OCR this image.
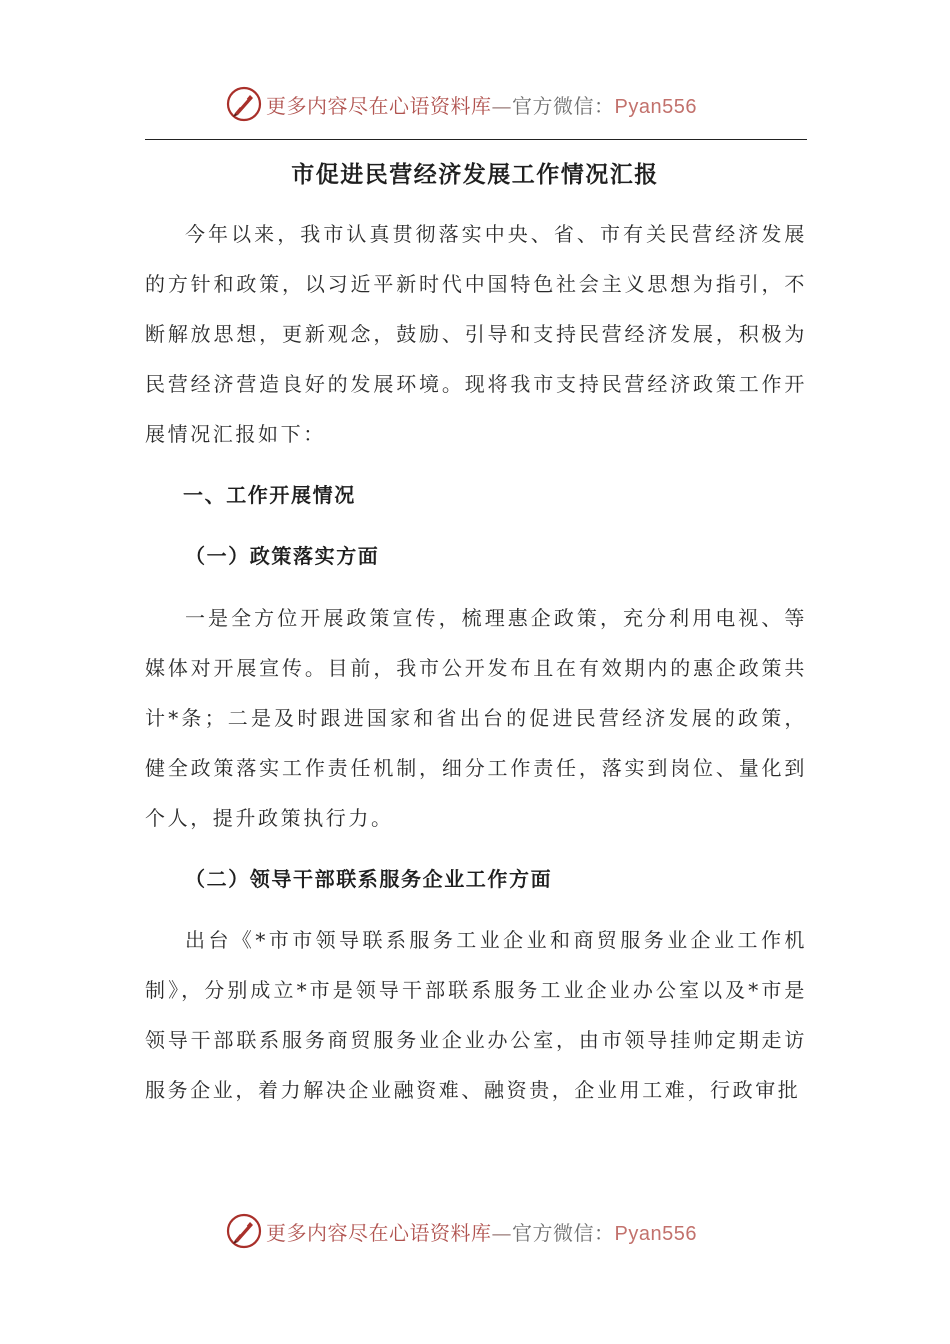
更多内容尽在心语资料库—官方微信：Pyan556
市促进民营经济发展工作情况汇报

今年以来，我市认真贯彻落实中央、省、市有关民营经济发展的方针和政策，以习近平新时代中国特色社会主义思想为指引，不断解放思想，更新观念，鼓励、引导和支持民营经济发展，积极为民营经济营造良好的发展环境。现将我市支持民营经济政策工作开展情况汇报如下：

一、工作开展情况

（一）政策落实方面

一是全方位开展政策宣传，梳理惠企政策，充分利用电视、等媒体对开展宣传。目前，我市公开发布且在有效期内的惠企政策共计*条；二是及时跟进国家和省出台的促进民营经济发展的政策，健全政策落实工作责任机制，细分工作责任，落实到岗位、量化到个人，提升政策执行力。

（二）领导干部联系服务企业工作方面

出台《*市市领导联系服务工业企业和商贸服务业企业工作机制》，分别成立*市是领导干部联系服务工业企业办公室以及*市是领导干部联系服务商贸服务业企业办公室，由市领导挂帅定期走访服务企业，着力解决企业融资难、融资贵，企业用工难，行政审批

更多内容尽在心语资料库—官方微信：Pyan556
